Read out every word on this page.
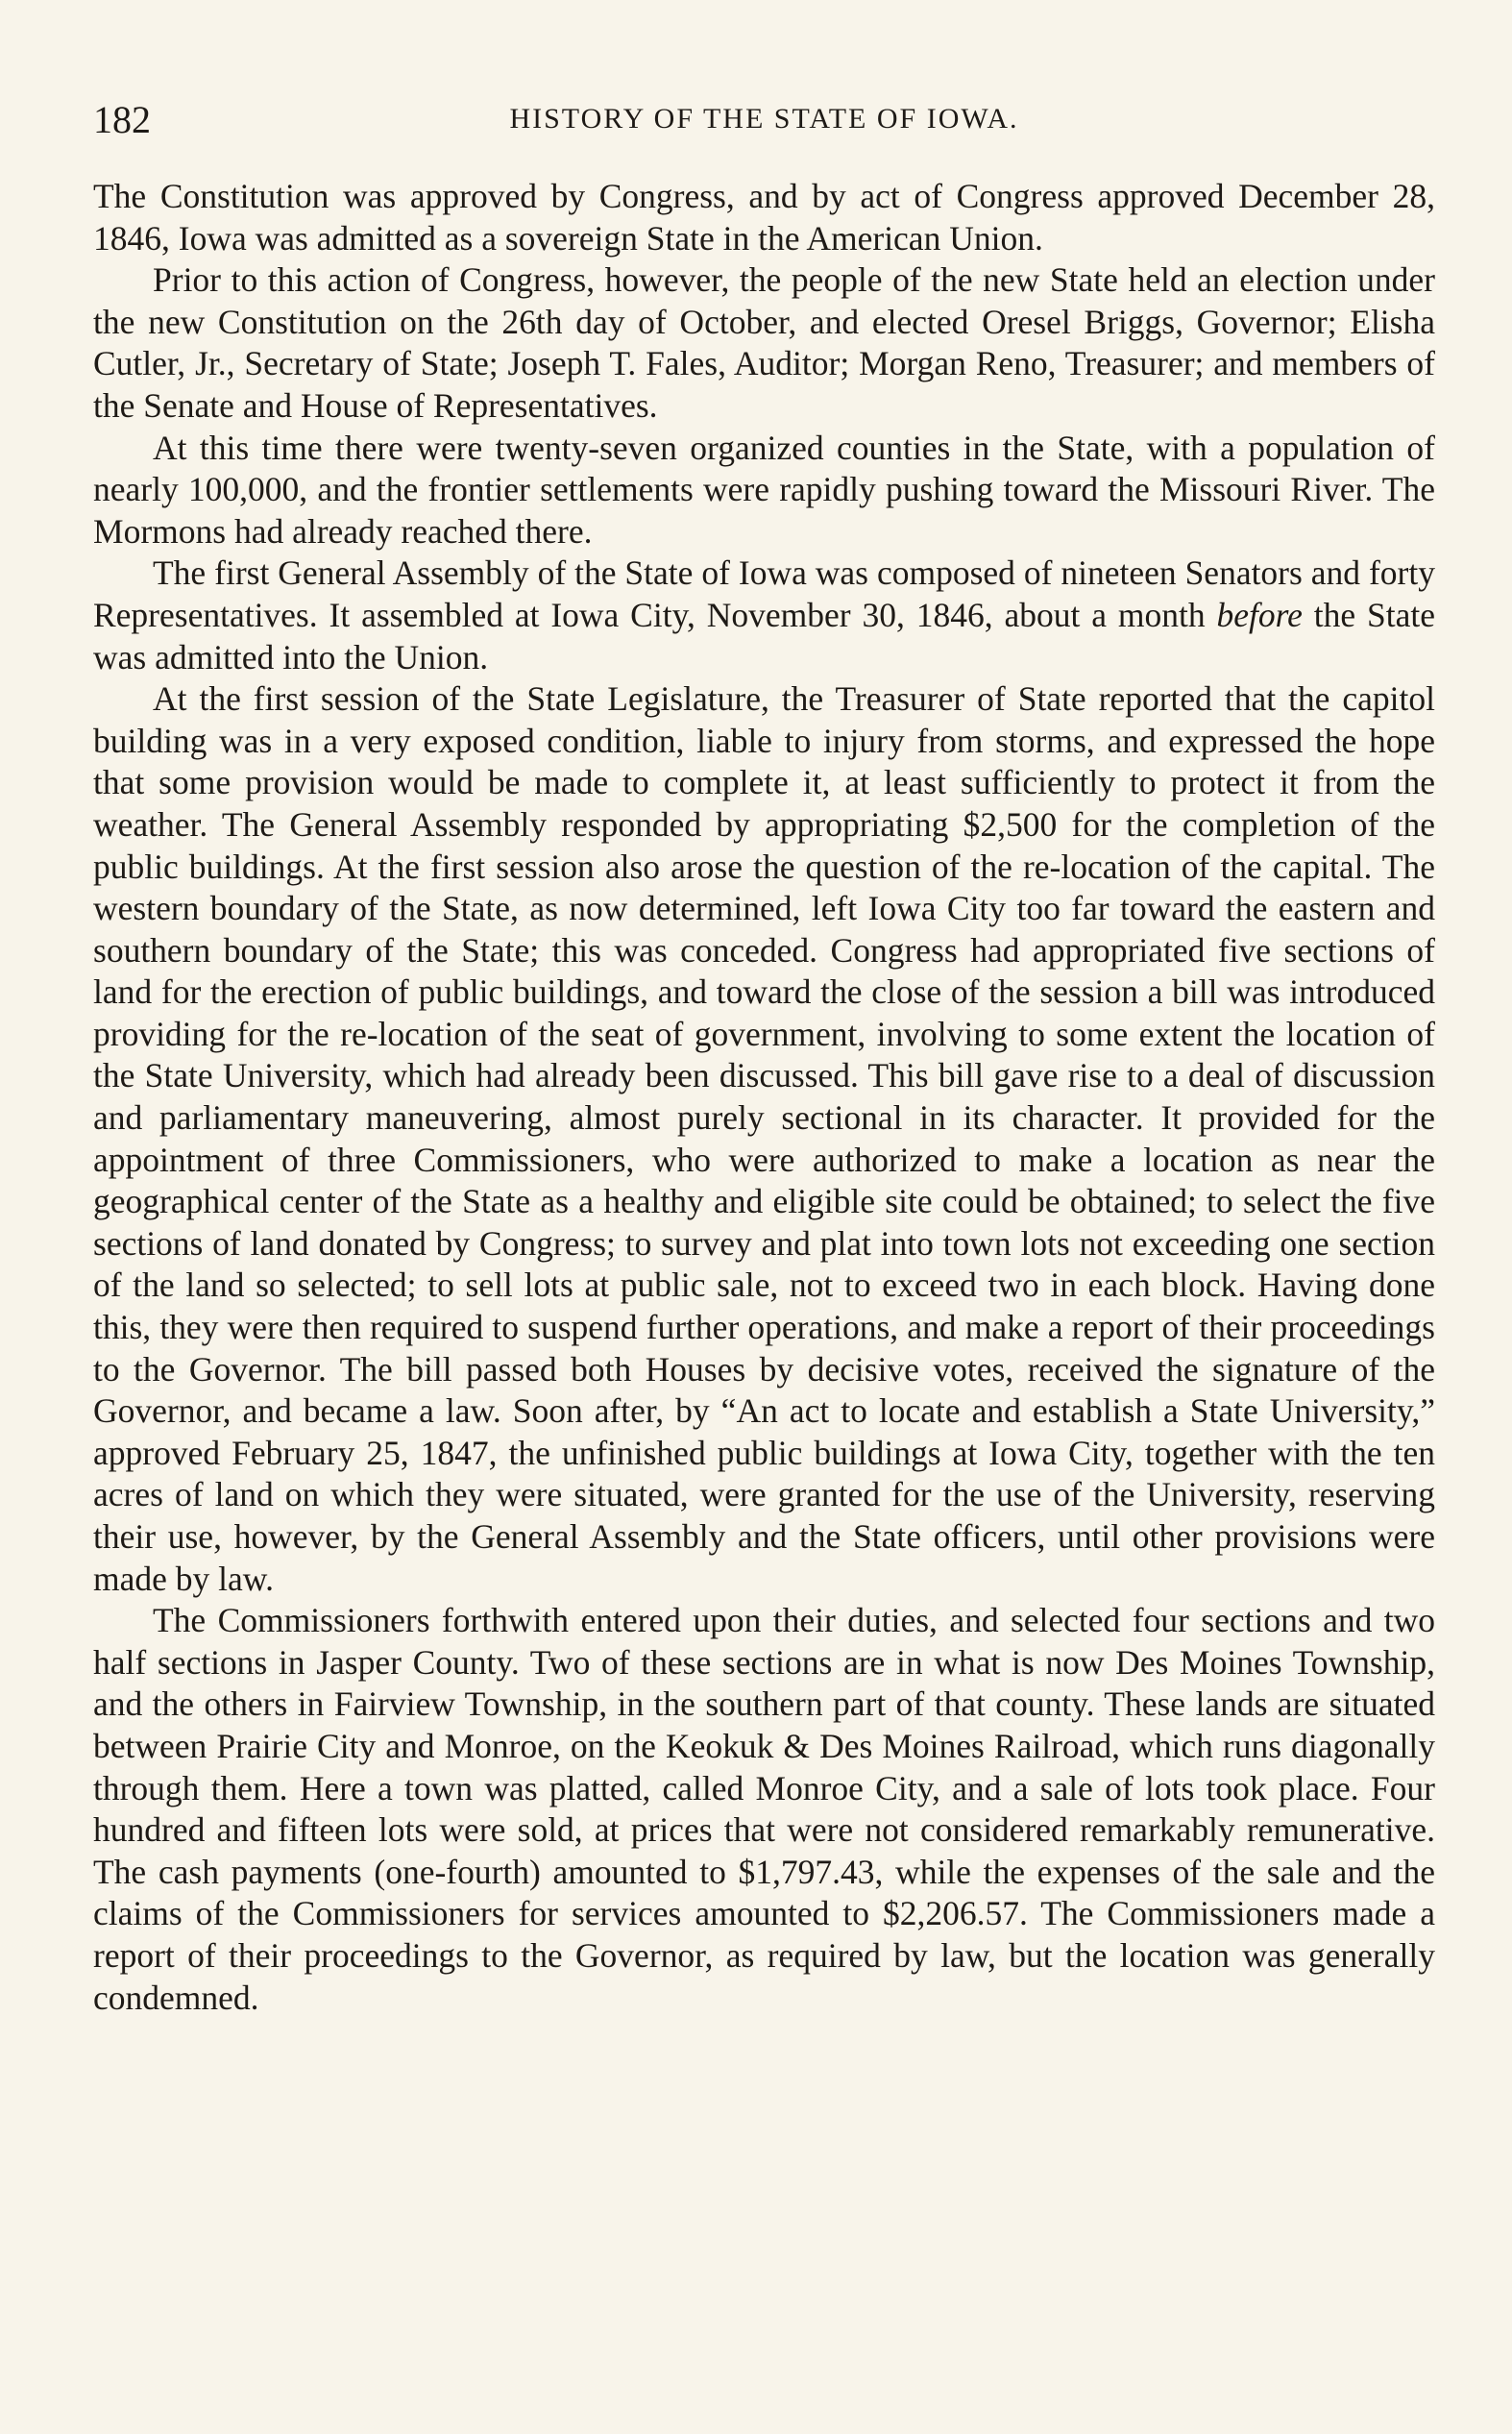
182	HISTORY OF THE STATE OF IOWA.

The Constitution was approved by Congress, and by act of Congress approved December 28, 1846, Iowa was admitted as a sovereign State in the American Union.

Prior to this action of Congress, however, the people of the new State held an election under the new Constitution on the 26th day of October, and elected Oresel Briggs, Governor; Elisha Cutler, Jr., Secretary of State; Joseph T. Fales, Auditor; Morgan Reno, Treasurer; and members of the Senate and House of Representatives.

At this time there were twenty-seven organized counties in the State, with a population of nearly 100,000, and the frontier settlements were rapidly pushing toward the Missouri River. The Mormons had already reached there.

The first General Assembly of the State of Iowa was composed of nineteen Senators and forty Representatives. It assembled at Iowa City, November 30, 1846, about a month before the State was admitted into the Union.

At the first session of the State Legislature, the Treasurer of State reported that the capitol building was in a very exposed condition, liable to injury from storms, and expressed the hope that some provision would be made to complete it, at least sufficiently to protect it from the weather. The General Assembly responded by appropriating $2,500 for the completion of the public buildings. At the first session also arose the question of the re-location of the capital. The western boundary of the State, as now determined, left Iowa City too far toward the eastern and southern boundary of the State; this was conceded. Congress had appropriated five sections of land for the erection of public buildings, and toward the close of the session a bill was introduced providing for the re-location of the seat of government, involving to some extent the location of the State University, which had already been discussed. This bill gave rise to a deal of discussion and parliamentary maneuvering, almost purely sectional in its character. It provided for the appointment of three Commissioners, who were authorized to make a location as near the geographical center of the State as a healthy and eligible site could be obtained; to select the five sections of land donated by Congress; to survey and plat into town lots not exceeding one section of the land so selected; to sell lots at public sale, not to exceed two in each block. Having done this, they were then required to suspend further operations, and make a report of their proceedings to the Governor. The bill passed both Houses by decisive votes, received the signature of the Governor, and became a law. Soon after, by “An act to locate and establish a State University,” approved February 25, 1847, the unfinished public buildings at Iowa City, together with the ten acres of land on which they were situated, were granted for the use of the University, reserving their use, however, by the General Assembly and the State officers, until other provisions were made by law.

The Commissioners forthwith entered upon their duties, and selected four sections and two half sections in Jasper County. Two of these sections are in what is now Des Moines Township, and the others in Fairview Township, in the southern part of that county. These lands are situated between Prairie City and Monroe, on the Keokuk & Des Moines Railroad, which runs diagonally through them. Here a town was platted, called Monroe City, and a sale of lots took place. Four hundred and fifteen lots were sold, at prices that were not considered remarkably remunerative. The cash payments (one-fourth) amounted to $1,797.43, while the expenses of the sale and the claims of the Commissioners for services amounted to $2,206.57. The Commissioners made a report of their proceedings to the Governor, as required by law, but the location was generally condemned.
